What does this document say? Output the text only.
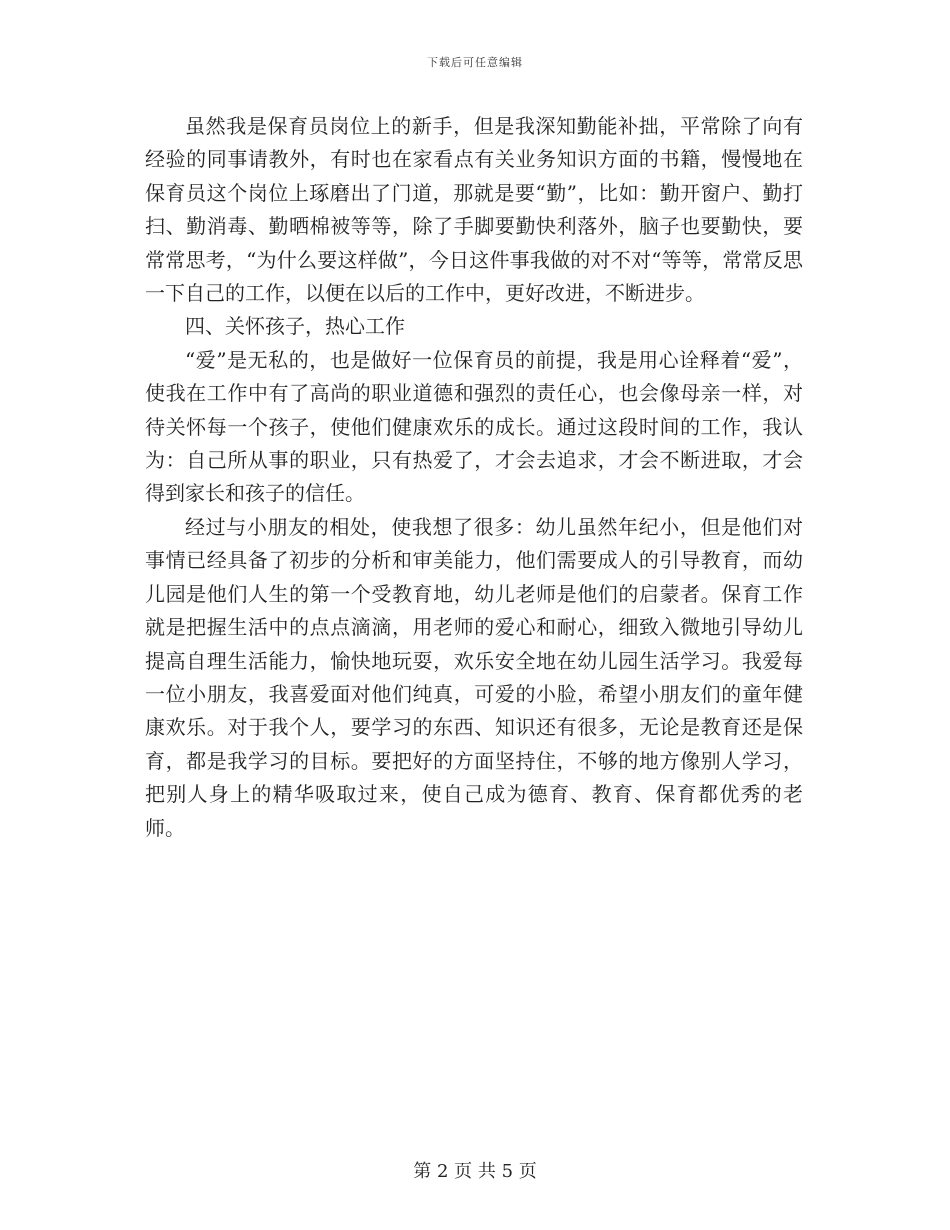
下载后可任意编辑

虽然我是保育员岗位上的新手，但是我深知勤能补拙，平常除了向有经验的同事请教外，有时也在家看点有关业务知识方面的书籍，慢慢地在保育员这个岗位上琢磨出了门道，那就是要“勤”，比如：勤开窗户、勤打扫、勤消毒、勤晒棉被等等，除了手脚要勤快利落外，脑子也要勤快，要常常思考，“为什么要这样做”，今日这件事我做的对不对“等等，常常反思一下自己的工作，以便在以后的工作中，更好改进，不断进步。

四、关怀孩子，热心工作

“爱”是无私的，也是做好一位保育员的前提，我是用心诠释着“爱”，使我在工作中有了高尚的职业道德和强烈的责任心，也会像母亲一样，对待关怀每一个孩子，使他们健康欢乐的成长。通过这段时间的工作，我认为：自己所从事的职业，只有热爱了，才会去追求，才会不断进取，才会得到家长和孩子的信任。

经过与小朋友的相处，使我想了很多：幼儿虽然年纪小，但是他们对事情已经具备了初步的分析和审美能力，他们需要成人的引导教育，而幼儿园是他们人生的第一个受教育地，幼儿老师是他们的启蒙者。保育工作就是把握生活中的点点滴滴，用老师的爱心和耐心，细致入微地引导幼儿提高自理生活能力，愉快地玩耍，欢乐安全地在幼儿园生活学习。我爱每一位小朋友，我喜爱面对他们纯真，可爱的小脸，希望小朋友们的童年健康欢乐。对于我个人，要学习的东西、知识还有很多，无论是教育还是保育，都是我学习的目标。要把好的方面坚持住，不够的地方像别人学习，把别人身上的精华吸取过来，使自己成为德育、教育、保育都优秀的老师。

第 2 页 共 5 页
